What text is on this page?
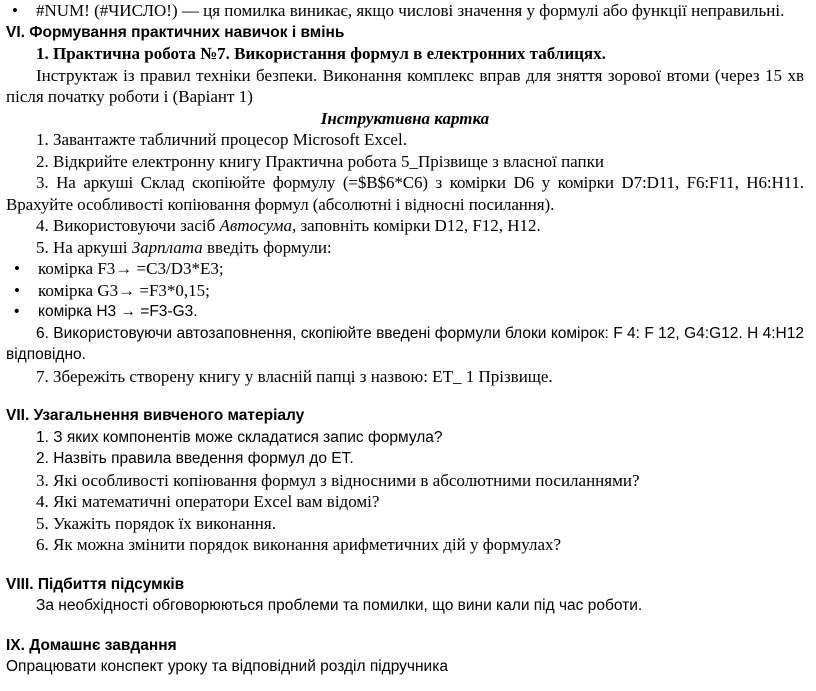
• #NUM! (#ЧИСЛО!) — ця помилка виникає, якщо числові значення у формулі або функції неправильні.
VI. Формування практичних навичок і вмінь
1. Практична робота №7. Використання формул в електронних таблицях.
Інструктаж із правил техніки безпеки. Виконання комплекс вправ для зняття зорової втоми (через 15 хв після початку роботи і (Варіант 1)
Інструктивна картка
1. Завантажте табличний процесор Microsoft Excel.
2. Відкрийте електронну книгу Практична робота 5_Прізвище з власної папки
3. На аркуші Склад скопіюйте формулу (=$B$6*C6) з комірки D6 у комірки D7:D11, F6:F11, H6:H11. Врахуйте особливості копіювання формул (абсолютні і відносні посилання).
4. Використовуючи засіб Автосума, заповніть комірки D12, F12, H12.
5. На аркуші Зарплата введіть формули:
• комірка F3→ =C3/D3*E3;
• комірка G3→ =F3*0,15;
• комірка Н3 → =F3-G3.
6. Використовуючи автозаповнення, скопіюйте введені формули блоки комірок: F 4: F 12, G4:G12. H 4:H12 відповідно.
7. Збережіть створену книгу у власній папці з назвою: ЕТ_ 1 Прізвище.
VII. Узагальнення вивченого матеріалу
1. З яких компонентів може складатися запис формула?
2. Назвіть правила введення формул до ЕТ.
3. Які особливості копіювання формул з відносними в абсолютними посиланнями?
4. Які математичні оператори Excel вам відомі?
5. Укажіть порядок їх виконання.
6. Як можна змінити порядок виконання арифметичних дій у формулах?
VIII. Підбиття підсумків
За необхідності обговорюються проблеми та помилки, що вини кали під час роботи.
ІХ. Домашнє завдання
Опрацювати конспект уроку та відповідний розділ підручника
